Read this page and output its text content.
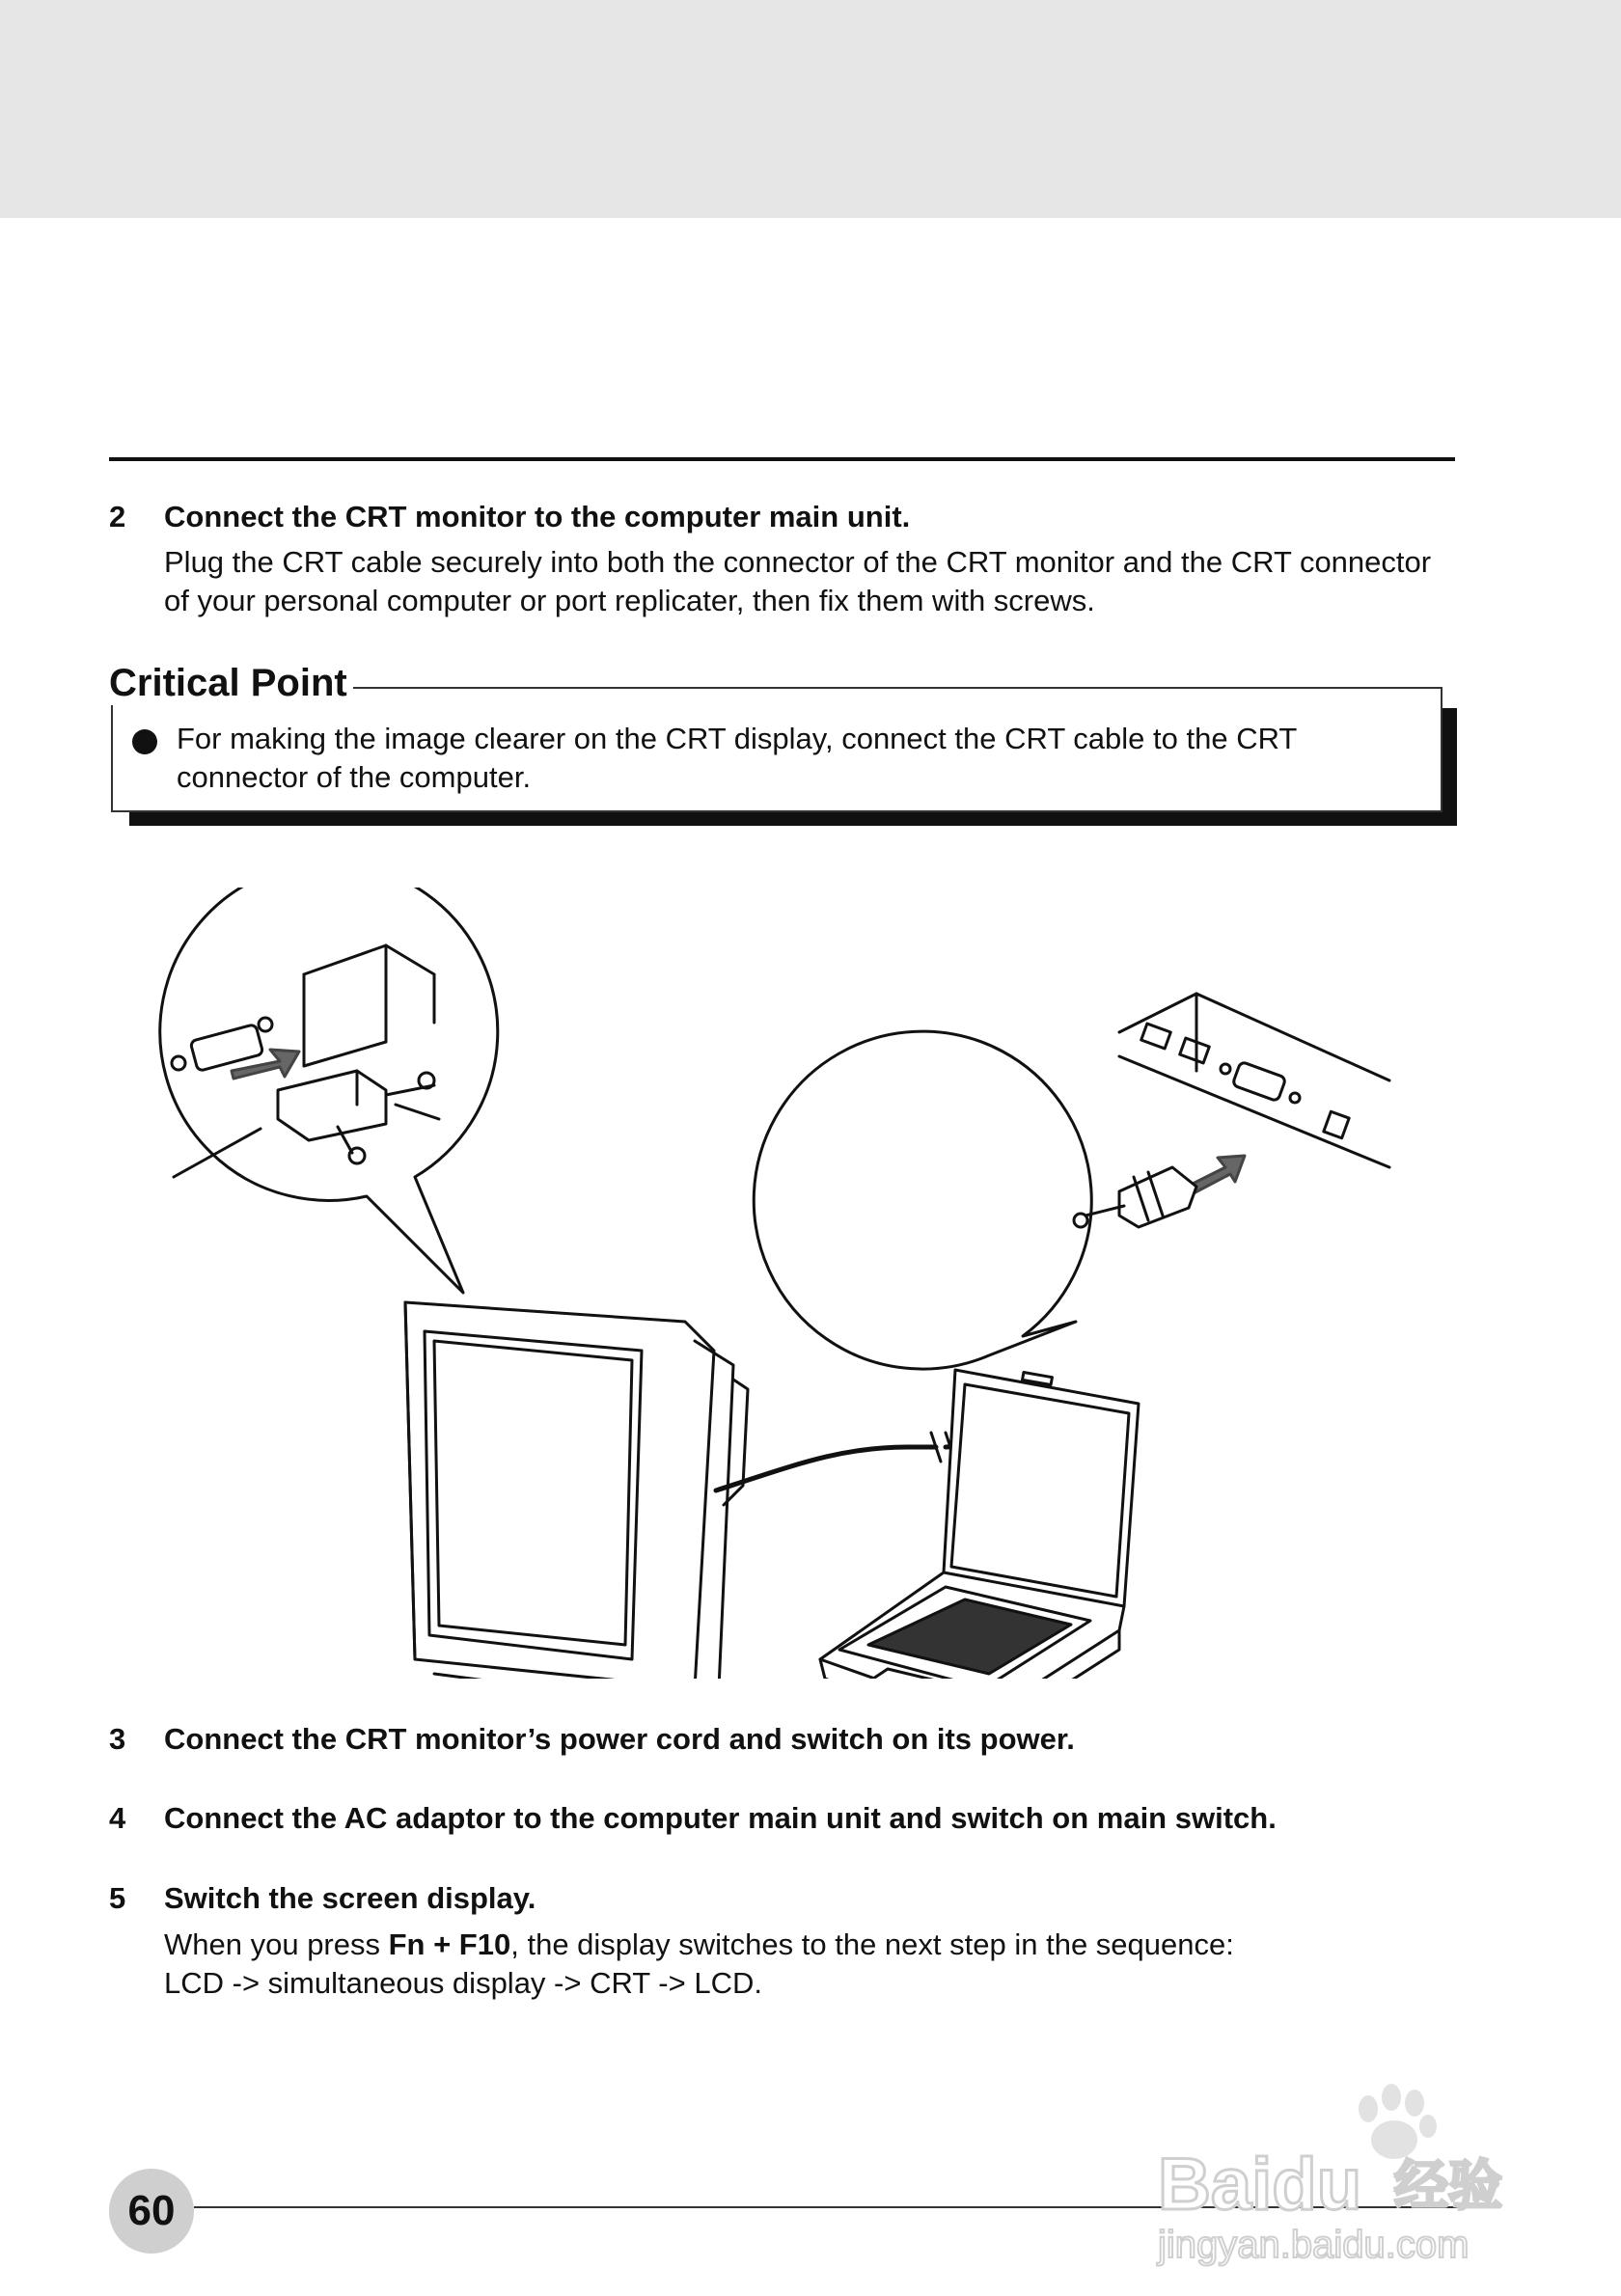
2 Connect the CRT monitor to the computer main unit.
Plug the CRT cable securely into both the connector of the CRT monitor and the CRT connector
of your personal computer or port replicater, then fix them with screws.
Critical Point
For making the image clearer on the CRT display, connect the CRT cable to the CRT connector of the computer.
3 Connect the CRT monitor’s power cord and switch on its power.
4 Connect the AC adaptor to the computer main unit and switch on main switch.
5 Switch the screen display.
When you press Fn + F10, the display switches to the next step in the sequence:
LCD -> simultaneous display -> CRT -> LCD.
60	Baidu 经验
jingyan.baidu.com
